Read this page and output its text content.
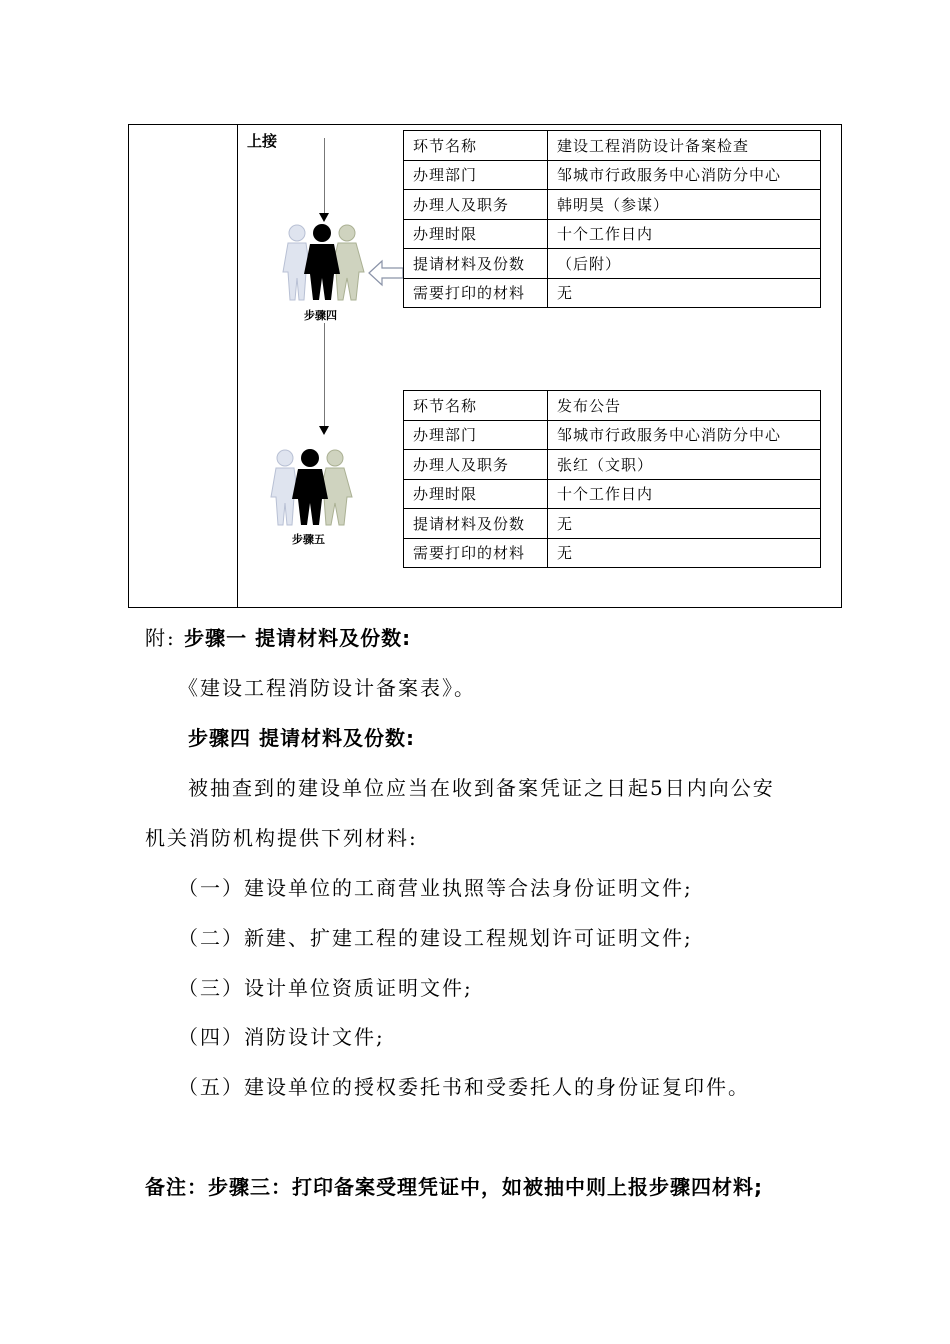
上接
步骤四
环节名称	建设工程消防设计备案检查
办理部门	邹城市行政服务中心消防分中心
办理人及职务	韩明昊（参谋）
办理时限	十个工作日内
提请材料及份数	（后附）
需要打印的材料	无
步骤五
环节名称	发布公告
办理部门	邹城市行政服务中心消防分中心
办理人及职务	张红（文职）
办理时限	十个工作日内
提请材料及份数	无
需要打印的材料	无
附: 步骤一 提请材料及份数:
《建设工程消防设计备案表》。
步骤四 提请材料及份数:
被抽查到的建设单位应当在收到备案凭证之日起5日内向公安
机关消防机构提供下列材料:
（一）建设单位的工商营业执照等合法身份证明文件;
（二）新建、扩建工程的建设工程规划许可证明文件;
（三）设计单位资质证明文件;
（四）消防设计文件;
（五）建设单位的授权委托书和受委托人的身份证复印件。
备注：步骤三：打印备案受理凭证中，如被抽中则上报步骤四材料;
